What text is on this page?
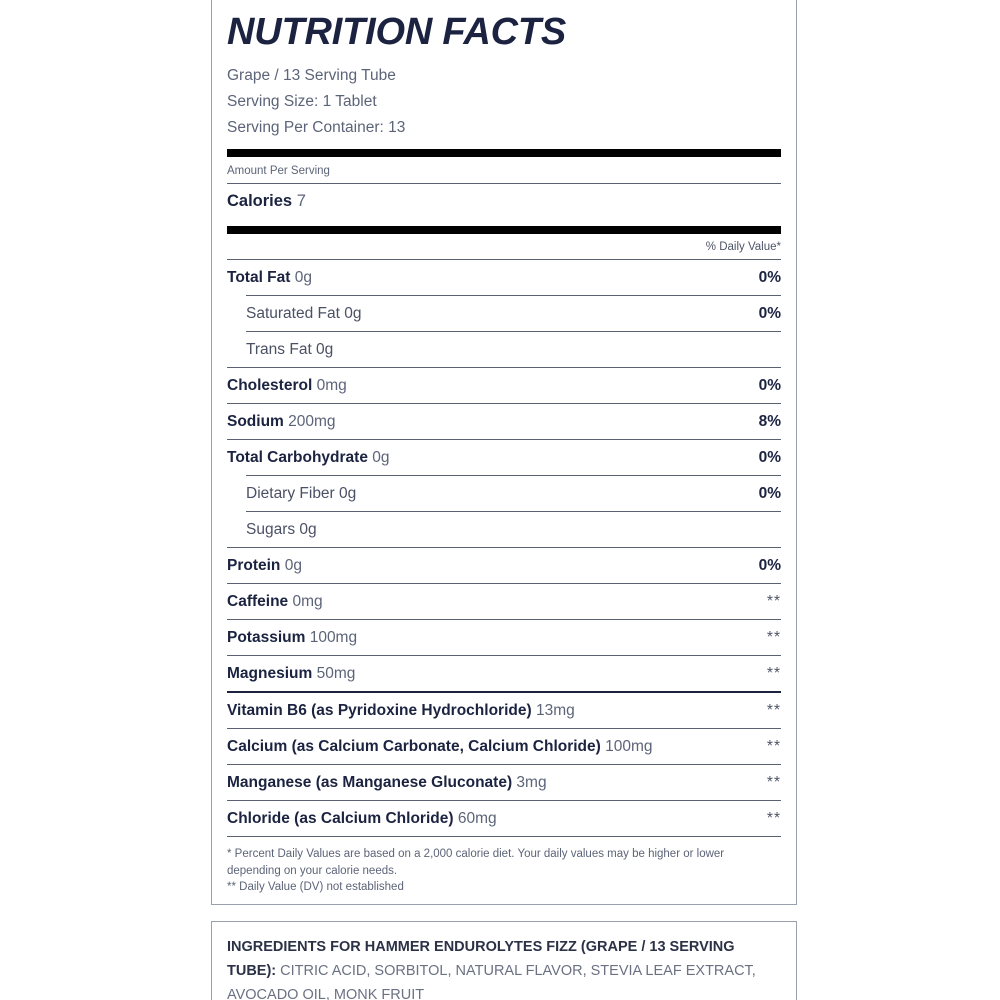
NUTRITION FACTS
Grape / 13 Serving Tube
Serving Size: 1 Tablet
Serving Per Container: 13
Amount Per Serving
Calories 7
% Daily Value*
Total Fat 0g	0%
Saturated Fat 0g	0%
Trans Fat 0g
Cholesterol 0mg	0%
Sodium 200mg	8%
Total Carbohydrate 0g	0%
Dietary Fiber 0g	0%
Sugars 0g
Protein 0g	0%
Caffeine 0mg	**
Potassium 100mg	**
Magnesium 50mg	**
Vitamin B6 (as Pyridoxine Hydrochloride) 13mg	**
Calcium (as Calcium Carbonate, Calcium Chloride) 100mg	**
Manganese (as Manganese Gluconate) 3mg	**
Chloride (as Calcium Chloride) 60mg	**

* Percent Daily Values are based on a 2,000 calorie diet. Your daily values may be higher or lower depending on your calorie needs.

** Daily Value (DV) not established

INGREDIENTS FOR HAMMER ENDUROLYTES FIZZ (GRAPE / 13 SERVING TUBE): CITRIC ACID, SORBITOL, NATURAL FLAVOR, STEVIA LEAF EXTRACT, AVOCADO OIL, MONK FRUIT
